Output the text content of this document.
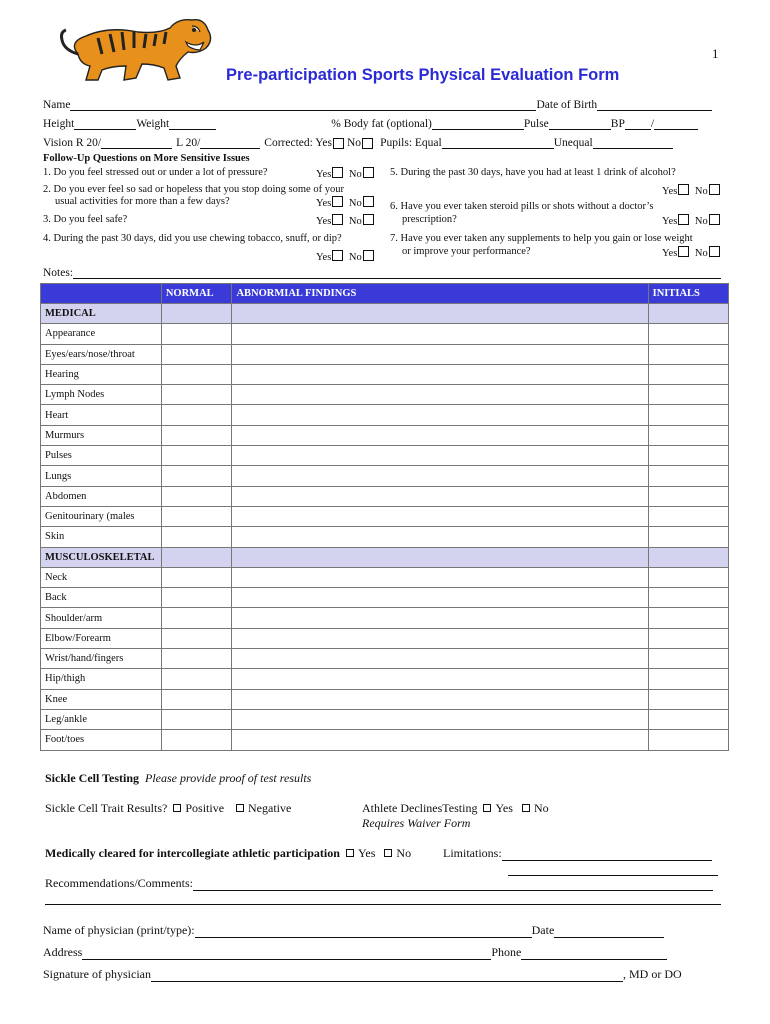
1
Pre-participation Sports Physical Evaluation Form
Name	Date of Birth
Height	Weight	% Body fat (optional)	Pulse	BP /
Vision R 20/	L 20/	Corrected: Yes No Pupils: Equal	Unequal
Follow-Up Questions on More Sensitive Issues
1. Do you feel stressed out or under a lot of pressure?	Yes No
2. Do you ever feel so sad or hopeless that you stop doing some of your
usual activities for more than a few days?	Yes No
3. Do you feel safe?	Yes No
4. During the past 30 days, did you use chewing tobacco, snuff, or dip?
Yes No
5. During the past 30 days, have you had at least 1 drink of alcohol?
Yes No
6. Have you ever taken steroid pills or shots without a doctor’s
prescription?	Yes No
7. Have you ever taken any supplements to help you gain or lose weight
or improve your performance?	Yes No
Notes:
	NORMAL	ABNORMIAL FINDINGS	INITIALS
MEDICAL			
Appearance			
Eyes/ears/nose/throat			
Hearing			
Lymph Nodes			
Heart			
Murmurs			
Pulses			
Lungs			
Abdomen			
Genitourinary (males			
Skin			
MUSCULOSKELETAL			
Neck			
Back			
Shoulder/arm			
Elbow/Forearm			
Wrist/hand/fingers			
Hip/thigh			
Knee			
Leg/ankle			
Foot/toes			
Sickle Cell Testing Please provide proof of test results
Sickle Cell Trait Results? Positive Negative	Athlete DeclinesTesting Yes No
Requires Waiver Form
Medically cleared for intercollegiate athletic participation Yes No	Limitations:
Recommendations/Comments:
Name of physician (print/type):	Date
Address	Phone
Signature of physician	, MD or DO
